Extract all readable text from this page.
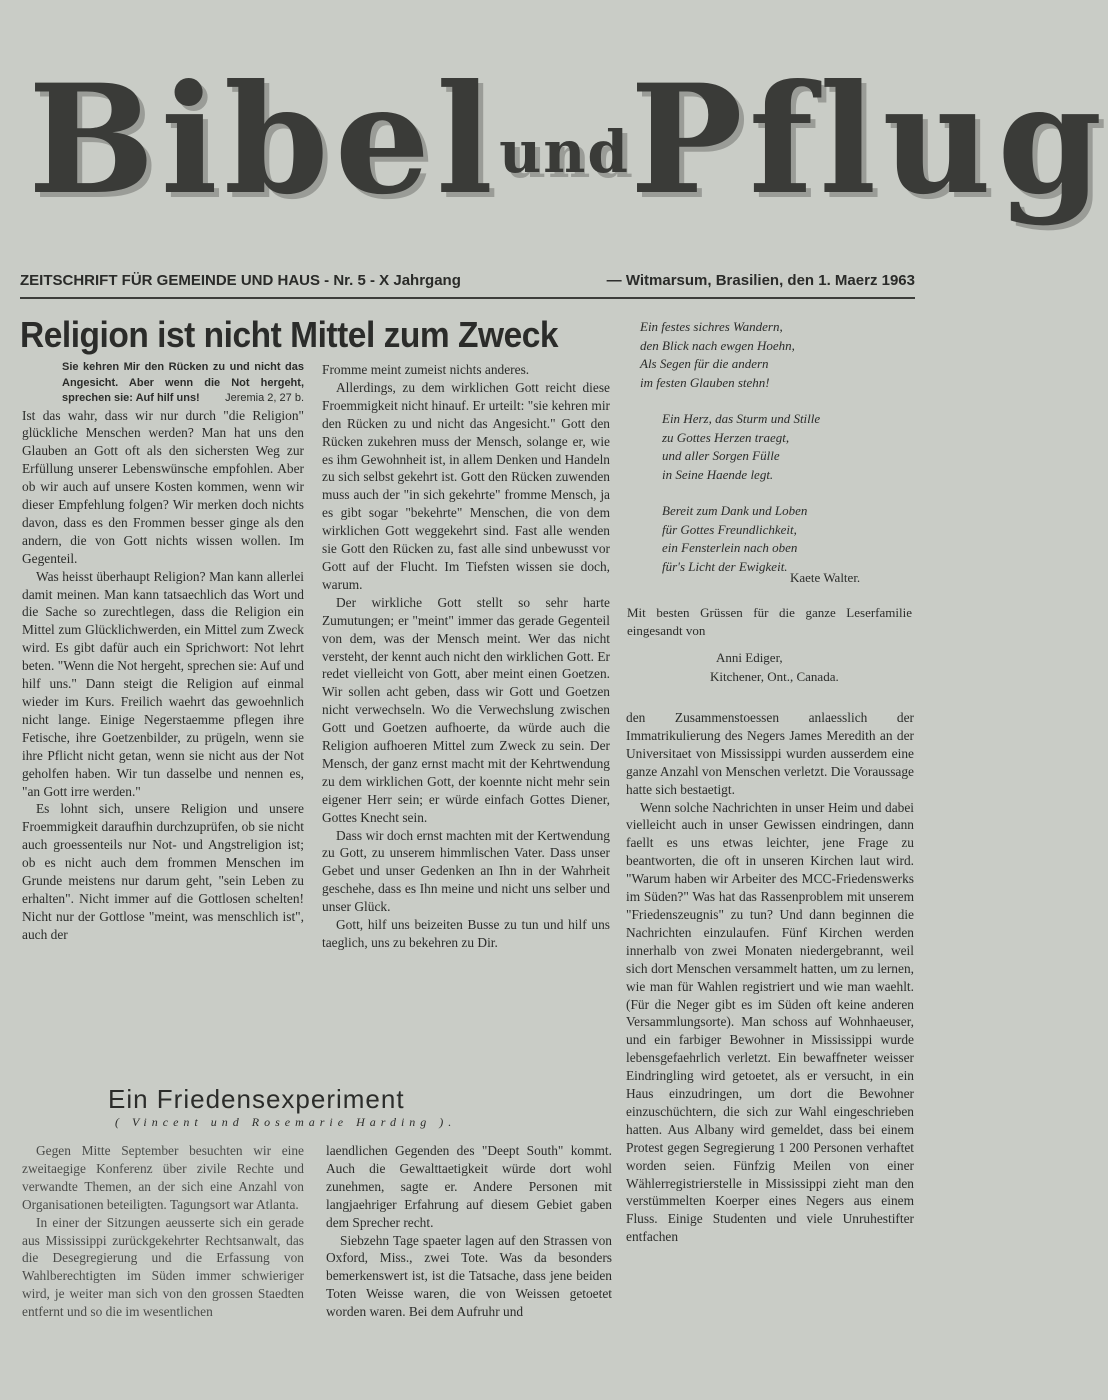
BibelundPflug
ZEITSCHRIFT FÜR GEMEINDE UND HAUS - Nr. 5 - X Jahrgang	— Witmarsum, Brasilien, den 1. Maerz 1963
Religion ist nicht Mittel zum Zweck
Sie kehren Mir den Rücken zu und nicht das Angesicht. Aber wenn die Not hergeht, sprechen sie: Auf hilf uns! Jeremia 2, 27 b.

Ist das wahr, dass wir nur durch "die Religion" glückliche Menschen werden? Man hat uns den Glauben an Gott oft als den sichersten Weg zur Erfüllung unserer Lebenswünsche empfohlen. Aber ob wir auch auf unsere Kosten kommen, wenn wir dieser Empfehlung folgen? Wir merken doch nichts davon, dass es den Frommen besser ginge als den andern, die von Gott nichts wissen wollen. Im Gegenteil.

Was heisst überhaupt Religion? Man kann allerlei damit meinen. Man kann tatsaechlich das Wort und die Sache so zurechtlegen, dass die Religion ein Mittel zum Glücklichwerden, ein Mittel zum Zweck wird. Es gibt dafür auch ein Sprichwort: Not lehrt beten. "Wenn die Not hergeht, sprechen sie: Auf und hilf uns." Dann steigt die Religion auf einmal wieder im Kurs. Freilich waehrt das gewoehnlich nicht lange. Einige Negerstaemme pflegen ihre Fetische, ihre Goetzenbilder, zu prügeln, wenn sie ihre Pflicht nicht getan, wenn sie nicht aus der Not geholfen haben. Wir tun dasselbe und nennen es, "an Gott irre werden."

Es lohnt sich, unsere Religion und unsere Froemmigkeit daraufhin durchzuprüfen, ob sie nicht auch groessenteils nur Not- und Angstreligion ist; ob es nicht auch dem frommen Menschen im Grunde meistens nur darum geht, "sein Leben zu erhalten". Nicht immer auf die Gottlosen schelten! Nicht nur der Gottlose "meint, was menschlich ist", auch der

Fromme meint zumeist nichts anderes.

Allerdings, zu dem wirklichen Gott reicht diese Froemmigkeit nicht hinauf. Er urteilt: "sie kehren mir den Rücken zu und nicht das Angesicht." Gott den Rücken zukehren muss der Mensch, solange er, wie es ihm Gewohnheit ist, in allem Denken und Handeln zu sich selbst gekehrt ist. Gott den Rücken zuwenden muss auch der "in sich gekehrte" fromme Mensch, ja es gibt sogar "bekehrte" Menschen, die von dem wirklichen Gott weggekehrt sind. Fast alle wenden sie Gott den Rücken zu, fast alle sind unbewusst vor Gott auf der Flucht. Im Tiefsten wissen sie doch, warum.

Der wirkliche Gott stellt so sehr harte Zumutungen; er "meint" immer das gerade Gegenteil von dem, was der Mensch meint. Wer das nicht versteht, der kennt auch nicht den wirklichen Gott. Er redet vielleicht von Gott, aber meint einen Goetzen. Wir sollen acht geben, dass wir Gott und Goetzen nicht verwechseln. Wo die Verwechslung zwischen Gott und Goetzen aufhoerte, da würde auch die Religion aufhoeren Mittel zum Zweck zu sein. Der Mensch, der ganz ernst macht mit der Kehrtwendung zu dem wirklichen Gott, der koennte nicht mehr sein eigener Herr sein; er würde einfach Gottes Diener, Gottes Knecht sein.

Dass wir doch ernst machten mit der Kertwendung zu Gott, zu unserem himmlischen Vater. Dass unser Gebet und unser Gedenken an Ihn in der Wahrheit geschehe, dass es Ihn meine und nicht uns selber und unser Glück.

Gott, hilf uns beizeiten Busse zu tun und hilf uns taeglich, uns zu bekehren zu Dir.

Ein festes sichres Wandern,
den Blick nach ewgen Hoehn,
Als Segen für die andern
im festen Glauben stehn!
Ein Herz, das Sturm und Stille
zu Gottes Herzen traegt,
und aller Sorgen Fülle
in Seine Haende legt.
Bereit zum Dank und Loben
für Gottes Freundlichkeit,
ein Fensterlein nach oben
für's Licht der Ewigkeit.
Kaete Walter.
Mit besten Grüssen für die ganze Leserfamilie eingesandt von
Anni Ediger,
Kitchener, Ont., Canada.

den Zusammenstoessen anlaesslich der Immatrikulierung des Negers James Meredith an der Universitaet von Mississippi wurden ausserdem eine ganze Anzahl von Menschen verletzt. Die Voraussage hatte sich bestaetigt.

Wenn solche Nachrichten in unser Heim und dabei vielleicht auch in unser Gewissen eindringen, dann faellt es uns etwas leichter, jene Frage zu beantworten, die oft in unseren Kirchen laut wird. "Warum haben wir Arbeiter des MCC-Friedenswerks im Süden?" Was hat das Rassenproblem mit unserem "Friedenszeugnis" zu tun? Und dann beginnen die Nachrichten einzulaufen. Fünf Kirchen werden innerhalb von zwei Monaten niedergebrannt, weil sich dort Menschen versammelt hatten, um zu lernen, wie man für Wahlen registriert und wie man waehlt. (Für die Neger gibt es im Süden oft keine anderen Versammlungsorte). Man schoss auf Wohnhaeuser, und ein farbiger Bewohner in Mississippi wurde lebensgefaehrlich verletzt. Ein bewaffneter weisser Eindringling wird getoetet, als er versucht, in ein Haus einzudringen, um dort die Bewohner einzuschüchtern, die sich zur Wahl eingeschrieben hatten. Aus Albany wird gemeldet, dass bei einem Protest gegen Segregierung 1 200 Personen verhaftet worden seien. Fünfzig Meilen von einer Wählerregistrierstelle in Mississippi zieht man den verstümmelten Koerper eines Negers aus einem Fluss. Einige Studenten und viele Unruhestifter entfachen

Ein Friedensexperiment
( Vincent und Rosemarie Harding ).

Gegen Mitte September besuchten wir eine zweitaegige Konferenz über zivile Rechte und verwandte Themen, an der sich eine Anzahl von Organisationen beteiligten. Tagungsort war Atlanta.

In einer der Sitzungen aeusserte sich ein gerade aus Mississippi zurückgekehrter Rechtsanwalt, das die Desegregierung und die Erfassung von Wahlberechtigten im Süden immer schwieriger wird, je weiter man sich von den grossen Staedten entfernt und so die im wesentlichen

laendlichen Gegenden des "Deept South" kommt. Auch die Gewalttaetigkeit würde dort wohl zunehmen, sagte er. Andere Personen mit langjaehriger Erfahrung auf diesem Gebiet gaben dem Sprecher recht.

Siebzehn Tage spaeter lagen auf den Strassen von Oxford, Miss., zwei Tote. Was da besonders bemerkenswert ist, ist die Tatsache, dass jene beiden Toten Weisse waren, die von Weissen getoetet worden waren. Bei dem Aufruhr und
